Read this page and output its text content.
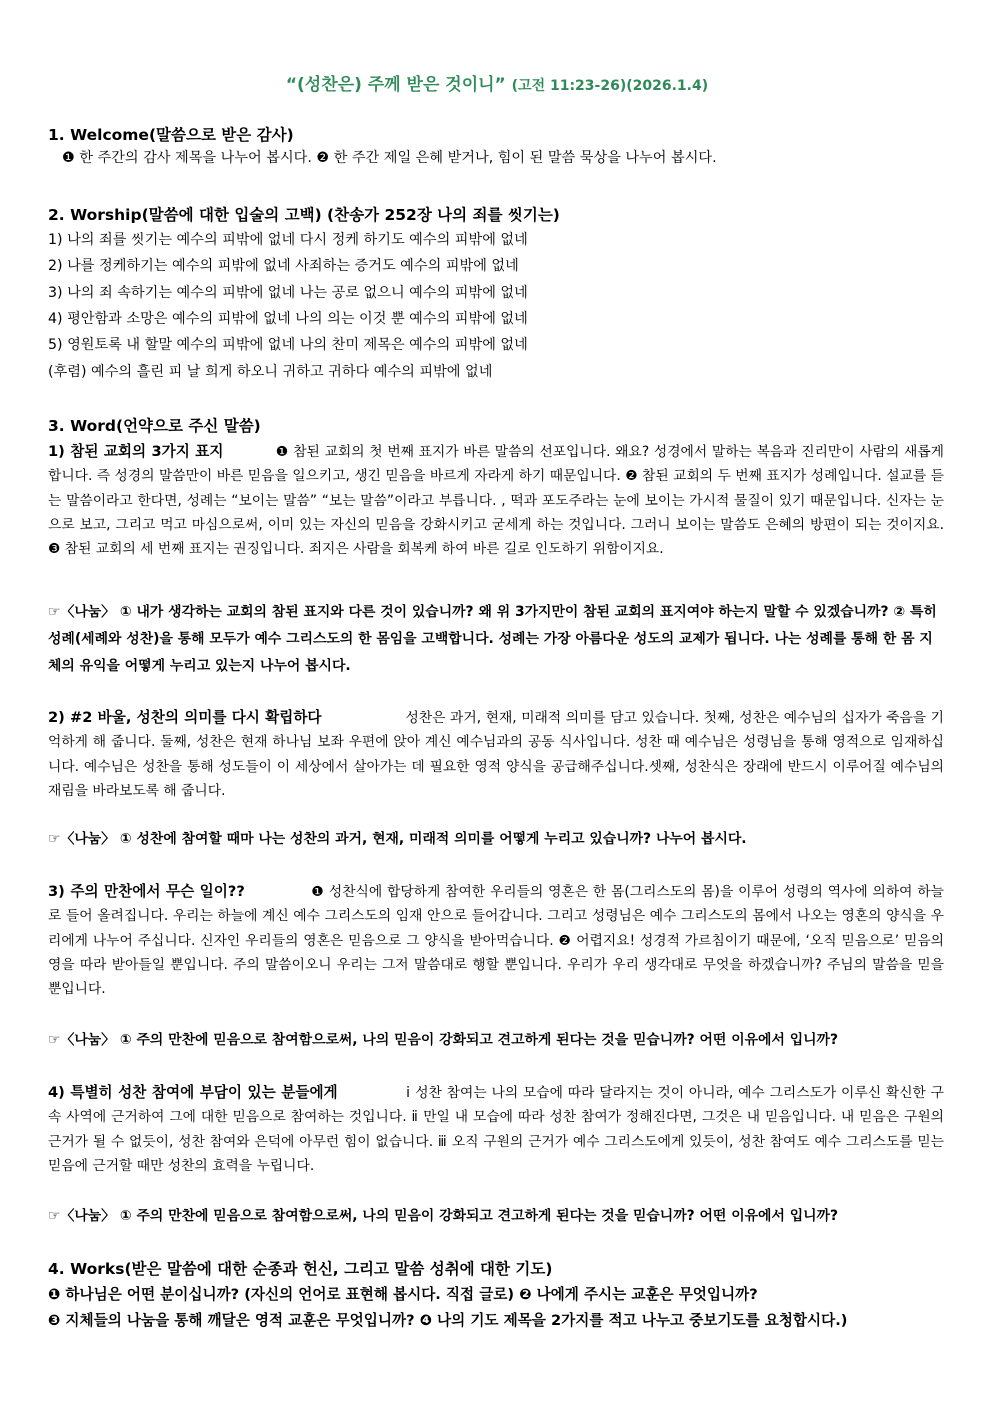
“(성찬은) 주께 받은 것이니” (고전 11:23-26)(2026.1.4)
1. Welcome(말씀으로 받은 감사)
❶ 한 주간의 감사 제목을 나누어 봅시다. ❷ 한 주간 제일 은혜 받거나, 힘이 된 말씀 묵상을 나누어 봅시다.
2. Worship(말씀에 대한 입술의 고백) (찬송가 252장 나의 죄를 씻기는)
1) 나의 죄를 씻기는 예수의 피밖에 없네 다시 정케 하기도 예수의 피밖에 없네
2) 나를 정케하기는 예수의 피밖에 없네 사죄하는 증거도 예수의 피밖에 없네
3) 나의 죄 속하기는 예수의 피밖에 없네 나는 공로 없으니 예수의 피밖에 없네
4) 평안함과 소망은 예수의 피밖에 없네 나의 의는 이것 뿐 예수의 피밖에 없네
5) 영원토록 내 할말 예수의 피밖에 없네 나의 찬미 제목은 예수의 피밖에 없네
(후렴) 예수의 흘린 피 날 희게 하오니 귀하고 귀하다 예수의 피밖에 없네
3. Word(언약으로 주신 말씀)
1) 참된 교회의 3가지 표지	❶ 참된 교회의 첫 번째 표지가 바른 말씀의 선포입니다. 왜요? 성경에서 말하는 복음과 진리만이 사람의 새롭게 합니다. 즉 성경의 말씀만이 바른 믿음을 일으키고, 생긴 믿음을 바르게 자라게 하기 때문입니다. ❷ 참된 교회의 두 번째 표지가 성례입니다. 설교를 듣는 말씀이라고 한다면, 성례는 “보이는 말씀” “보는 말씀”이라고 부릅니다. , 떡과 포도주라는 눈에 보이는 가시적 물질이 있기 때문입니다. 신자는 눈으로 보고, 그리고 먹고 마심으로써, 이미 있는 자신의 믿음을 강화시키고 굳세게 하는 것입니다. 그러니 보이는 말씀도 은혜의 방편이 되는 것이지요. ❸ 참된 교회의 세 번째 표지는 권징입니다. 죄지은 사람을 회복케 하여 바른 길로 인도하기 위함이지요.
☞〈나눔〉 ① 내가 생각하는 교회의 참된 표지와 다른 것이 있습니까? 왜 위 3가지만이 참된 교회의 표지여야 하는지 말할 수 있겠습니까? ② 특히 성례(세례와 성찬)을 통해 모두가 예수 그리스도의 한 몸임을 고백합니다. 성례는 가장 아름다운 성도의 교제가 됩니다. 나는 성례를 통해 한 몸 지체의 유익을 어떻게 누리고 있는지 나누어 봅시다.
2) #2 바울, 성찬의 의미를 다시 확립하다	성찬은 과거, 현재, 미래적 의미를 담고 있습니다. 첫째, 성찬은 예수님의 십자가 죽음을 기억하게 해 줍니다. 둘째, 성찬은 현재 하나님 보좌 우편에 앉아 계신 예수님과의 공동 식사입니다. 성찬 때 예수님은 성령님을 통해 영적으로 임재하십니다. 예수님은 성찬을 통해 성도들이 이 세상에서 살아가는 데 필요한 영적 양식을 공급해주십니다.셋째, 성찬식은 장래에 반드시 이루어질 예수님의 재림을 바라보도록 해 줍니다.
☞〈나눔〉 ① 성찬에 참여할 때마 나는 성찬의 과거, 현재, 미래적 의미를 어떻게 누리고 있습니까? 나누어 봅시다.
3) 주의 만찬에서 무슨 일이??	❶ 성찬식에 합당하게 참여한 우리들의 영혼은 한 몸(그리스도의 몸)을 이루어 성령의 역사에 의하여 하늘로 들어 올려집니다. 우리는 하늘에 계신 예수 그리스도의 임재 안으로 들어갑니다. 그리고 성령님은 예수 그리스도의 몸에서 나오는 영혼의 양식을 우리에게 나누어 주십니다. 신자인 우리들의 영혼은 믿음으로 그 양식을 받아먹습니다. ❷ 어렵지요! 성경적 가르침이기 때문에, ‘오직 믿음으로’ 믿음의 영을 따라 받아들일 뿐입니다. 주의 말씀이오니 우리는 그저 말씀대로 행할 뿐입니다. 우리가 우리 생각대로 무엇을 하겠습니까? 주님의 말씀을 믿을 뿐입니다.
☞〈나눔〉 ① 주의 만찬에 믿음으로 참여함으로써, 나의 믿음이 강화되고 견고하게 된다는 것을 믿습니까? 어떤 이유에서 입니까?
4) 특별히 성찬 참여에 부담이 있는 분들에게	ⅰ 성찬 참여는 나의 모습에 따라 달라지는 것이 아니라, 예수 그리스도가 이루신 확신한 구속 사역에 근거하여 그에 대한 믿음으로 참여하는 것입니다. ⅱ 만일 내 모습에 따라 성찬 참여가 정해진다면, 그것은 내 믿음입니다. 내 믿음은 구원의 근거가 될 수 없듯이, 성찬 참여와 은덕에 아무런 힘이 없습니다. ⅲ 오직 구원의 근거가 예수 그리스도에게 있듯이, 성찬 참여도 예수 그리스도를 믿는 믿음에 근거할 때만 성찬의 효력을 누립니다.
☞〈나눔〉 ① 주의 만찬에 믿음으로 참여함으로써, 나의 믿음이 강화되고 견고하게 된다는 것을 믿습니까? 어떤 이유에서 입니까?
4. Works(받은 말씀에 대한 순종과 헌신, 그리고 말씀 성취에 대한 기도)
❶ 하나님은 어떤 분이십니까? (자신의 언어로 표현해 봅시다. 직접 글로) ❷ 나에게 주시는 교훈은 무엇입니까?
❸ 지체들의 나눔을 통해 깨달은 영적 교훈은 무엇입니까? ❹ 나의 기도 제목을 2가지를 적고 나누고 중보기도를 요청합시다.)
